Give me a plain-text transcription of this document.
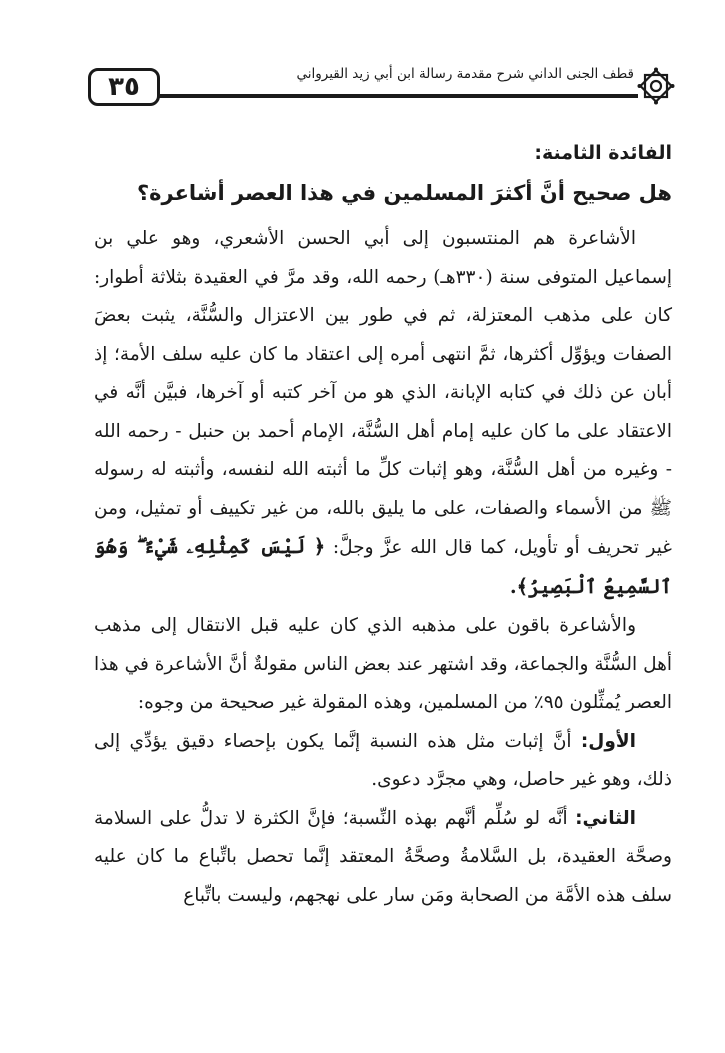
٣٥	قطف الجنى الداني شرح مقدمة رسالة ابن أبي زيد القيرواني

الفائدة الثامنة:

هل صحيح أنَّ أكثرَ المسلمين في هذا العصر أشاعرة؟

الأشاعرة هم المنتسبون إلى أبي الحسن الأشعري، وهو علي بن إسماعيل المتوفى سنة (٣٣٠هـ) رحمه الله، وقد مرَّ في العقيدة بثلاثة أطوار: كان على مذهب المعتزلة، ثم في طور بين الاعتزال والسُّنَّة، يثبت بعضَ الصفات ويؤوِّل أكثرها، ثمَّ انتهى أمره إلى اعتقاد ما كان عليه سلف الأمة؛ إذ أبان عن ذلك في كتابه الإبانة، الذي هو من آخر كتبه أو آخرها، فبيَّن أنَّه في الاعتقاد على ما كان عليه إمام أهل السُّنَّة، الإمام أحمد بن حنبل - رحمه الله - وغيره من أهل السُّنَّة، وهو إثبات كلِّ ما أثبته الله لنفسه، وأثبته له رسوله ﷺ من الأسماء والصفات، على ما يليق بالله، من غير تكييف أو تمثيل، ومن غير تحريف أو تأويل، كما قال الله عزَّ وجلَّ: ﴿ لَيْسَ كَمِثْلِهِۦ شَيْءٌ ۖ وَهُوَ ٱلسَّمِيعُ ٱلْبَصِيرُ﴾.

والأشاعرة باقون على مذهبه الذي كان عليه قبل الانتقال إلى مذهب أهل السُّنَّة والجماعة، وقد اشتهر عند بعض الناس مقولةٌ أنَّ الأشاعرة في هذا العصر يُمثِّلون ٩٥٪ من المسلمين، وهذه المقولة غير صحيحة من وجوه:

الأول: أنَّ إثبات مثل هذه النسبة إنَّما يكون بإحصاء دقيق يؤدِّي إلى ذلك، وهو غير حاصل، وهي مجرَّد دعوى.

الثاني: أنَّه لو سُلِّم أنَّهم بهذه النِّسبة؛ فإنَّ الكثرة لا تدلُّ على السلامة وصحَّة العقيدة، بل السَّلامةُ وصحَّةُ المعتقد إنَّما تحصل باتِّباع ما كان عليه سلف هذه الأمَّة من الصحابة ومَن سار على نهجهم، وليست باتِّباع
